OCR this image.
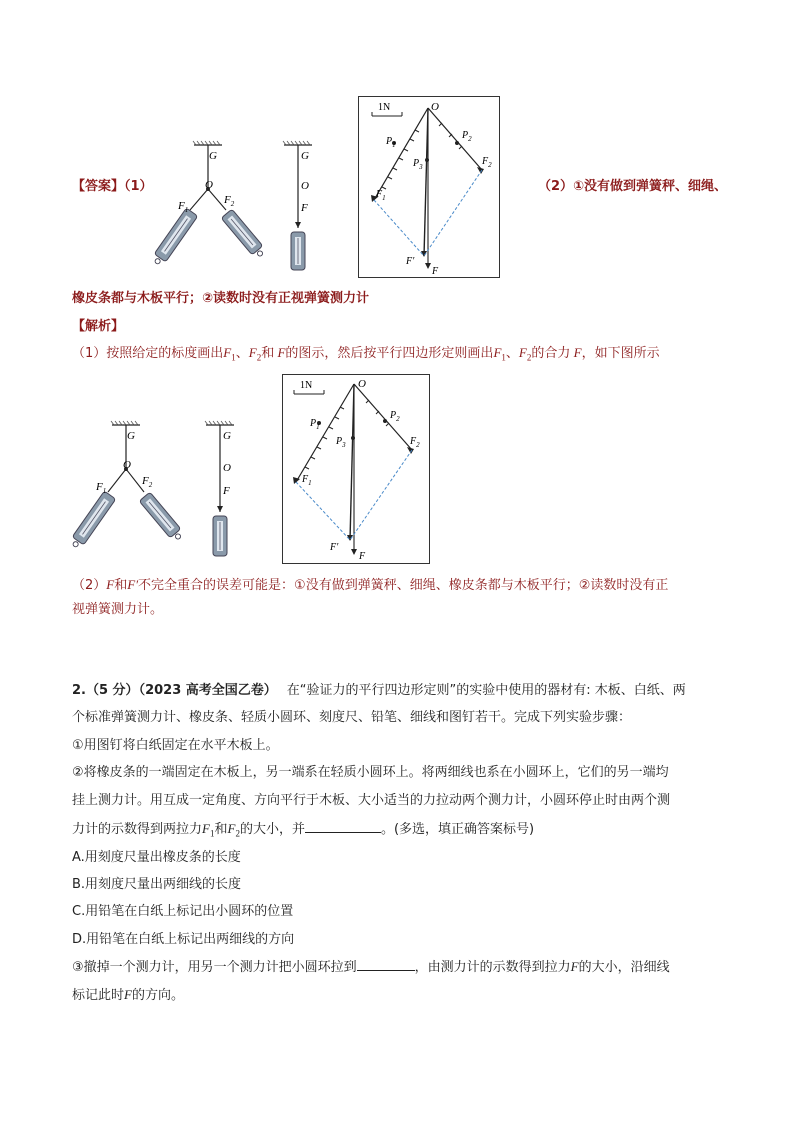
【答案】（1）
G
O
$F_1$
$F_2$
G
O
F
1N	O
$P_1$
$P_2$
$P_3$
$F_1$
$F_2$
F′
F
（2）①没有做到弹簧秤、细绳、
橡皮条都与木板平行；②读数时没有正视弹簧测力计
【解析】
（1）按照给定的标度画出$F_1$、$F_2$和 F的图示，然后按平行四边形定则画出$F_1$、$F_2$的合力 F，如下图所示
G
O
$F_1$
$F_2$
G
O
F
1N	O
$P_1$
$P_2$
$P_3$
$F_1$
$F_2$
F′
F
（2）F和F′不完全重合的误差可能是：①没有做到弹簧秤、细绳、橡皮条都与木板平行；②读数时没有正
视弹簧测力计。
2.（5 分）（2023 高考全国乙卷） 在“验证力的平行四边形定则”的实验中使用的器材有: 木板、白纸、两
个标准弹簧测力计、橡皮条、轻质小圆环、刻度尺、铅笔、细线和图钉若干。完成下列实验步骤：
①用图钉将白纸固定在水平木板上。
②将橡皮条的一端固定在木板上，另一端系在轻质小圆环上。将两细线也系在小圆环上，它们的另一端均
挂上测力计。用互成一定角度、方向平行于木板、大小适当的力拉动两个测力计，小圆环停止时由两个测
力计的示数得到两拉力$F_1$和$F_2$的大小，并	。(多选，填正确答案标号)
A.用刻度尺量出橡皮条的长度
B.用刻度尺量出两细线的长度
C.用铅笔在白纸上标记出小圆环的位置
D.用铅笔在白纸上标记出两细线的方向
③撤掉一个测力计，用另一个测力计把小圆环拉到	，由测力计的示数得到拉力F的大小，沿细线
标记此时F的方向。
